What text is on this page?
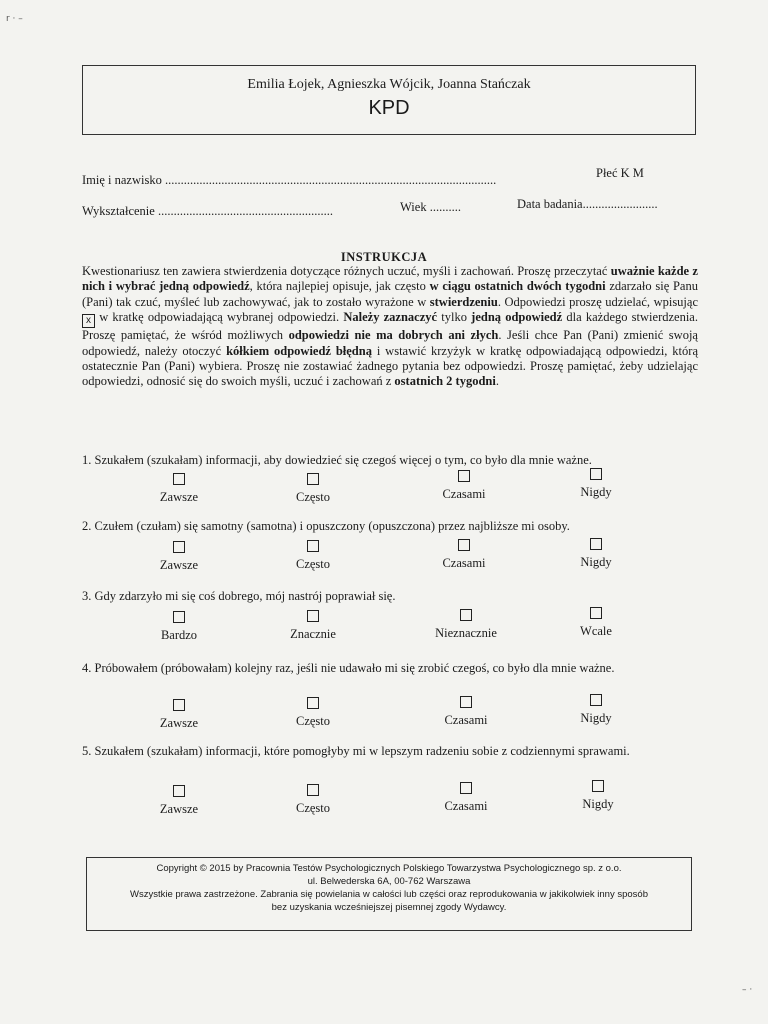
r · –
Emilia Łojek, Agnieszka Wójcik, Joanna Stańczak
KPD
Imię i nazwisko ..........................................................................................................	Płeć K M
Wykształcenie ........................................................	Wiek ..........	Data badania........................
INSTRUKCJA
Kwestionariusz ten zawiera stwierdzenia dotyczące różnych uczuć, myśli i zachowań. Proszę przeczytać uważnie każde z nich i wybrać jedną odpowiedź, która najlepiej opisuje, jak często w ciągu ostatnich dwóch tygodni zdarzało się Panu (Pani) tak czuć, myśleć lub zachowywać, jak to zostało wyrażone w stwierdzeniu. Odpowiedzi proszę udzielać, wpisując x w kratkę odpowiadającą wybranej odpowiedzi. Należy zaznaczyć tylko jedną odpowiedź dla każdego stwierdzenia. Proszę pamiętać, że wśród możliwych odpowiedzi nie ma dobrych ani złych. Jeśli chce Pan (Pani) zmienić swoją odpowiedź, należy otoczyć kółkiem odpowiedź błędną i wstawić krzyżyk w kratkę odpowiadającą odpowiedzi, którą ostatecznie Pan (Pani) wybiera. Proszę nie zostawiać żadnego pytania bez odpowiedzi. Proszę pamiętać, żeby udzielając odpowiedzi, odnosić się do swoich myśli, uczuć i zachowań z ostatnich 2 tygodni.
1. Szukałem (szukałam) informacji, aby dowiedzieć się czegoś więcej o tym, co było dla mnie ważne.
Zawsze	Często	Czasami	Nigdy
2. Czułem (czułam) się samotny (samotna) i opuszczony (opuszczona) przez najbliższe mi osoby.
Zawsze	Często	Czasami	Nigdy
3. Gdy zdarzyło mi się coś dobrego, mój nastrój poprawiał się.
Bardzo	Znacznie	Nieznacznie	Wcale
4. Próbowałem (próbowałam) kolejny raz, jeśli nie udawało mi się zrobić czegoś, co było dla mnie ważne.
Zawsze	Często	Czasami	Nigdy
5. Szukałem (szukałam) informacji, które pomogłyby mi w lepszym radzeniu sobie z codziennymi sprawami.
Zawsze	Często	Czasami	Nigdy
Copyright © 2015 by Pracownia Testów Psychologicznych Polskiego Towarzystwa Psychologicznego sp. z o.o.
ul. Belwederska 6A, 00-762 Warszawa
Wszystkie prawa zastrzeżone. Zabrania się powielania w całości lub części oraz reprodukowania w jakikolwiek inny sposób
bez uzyskania wcześniejszej pisemnej zgody Wydawcy.
– ·
